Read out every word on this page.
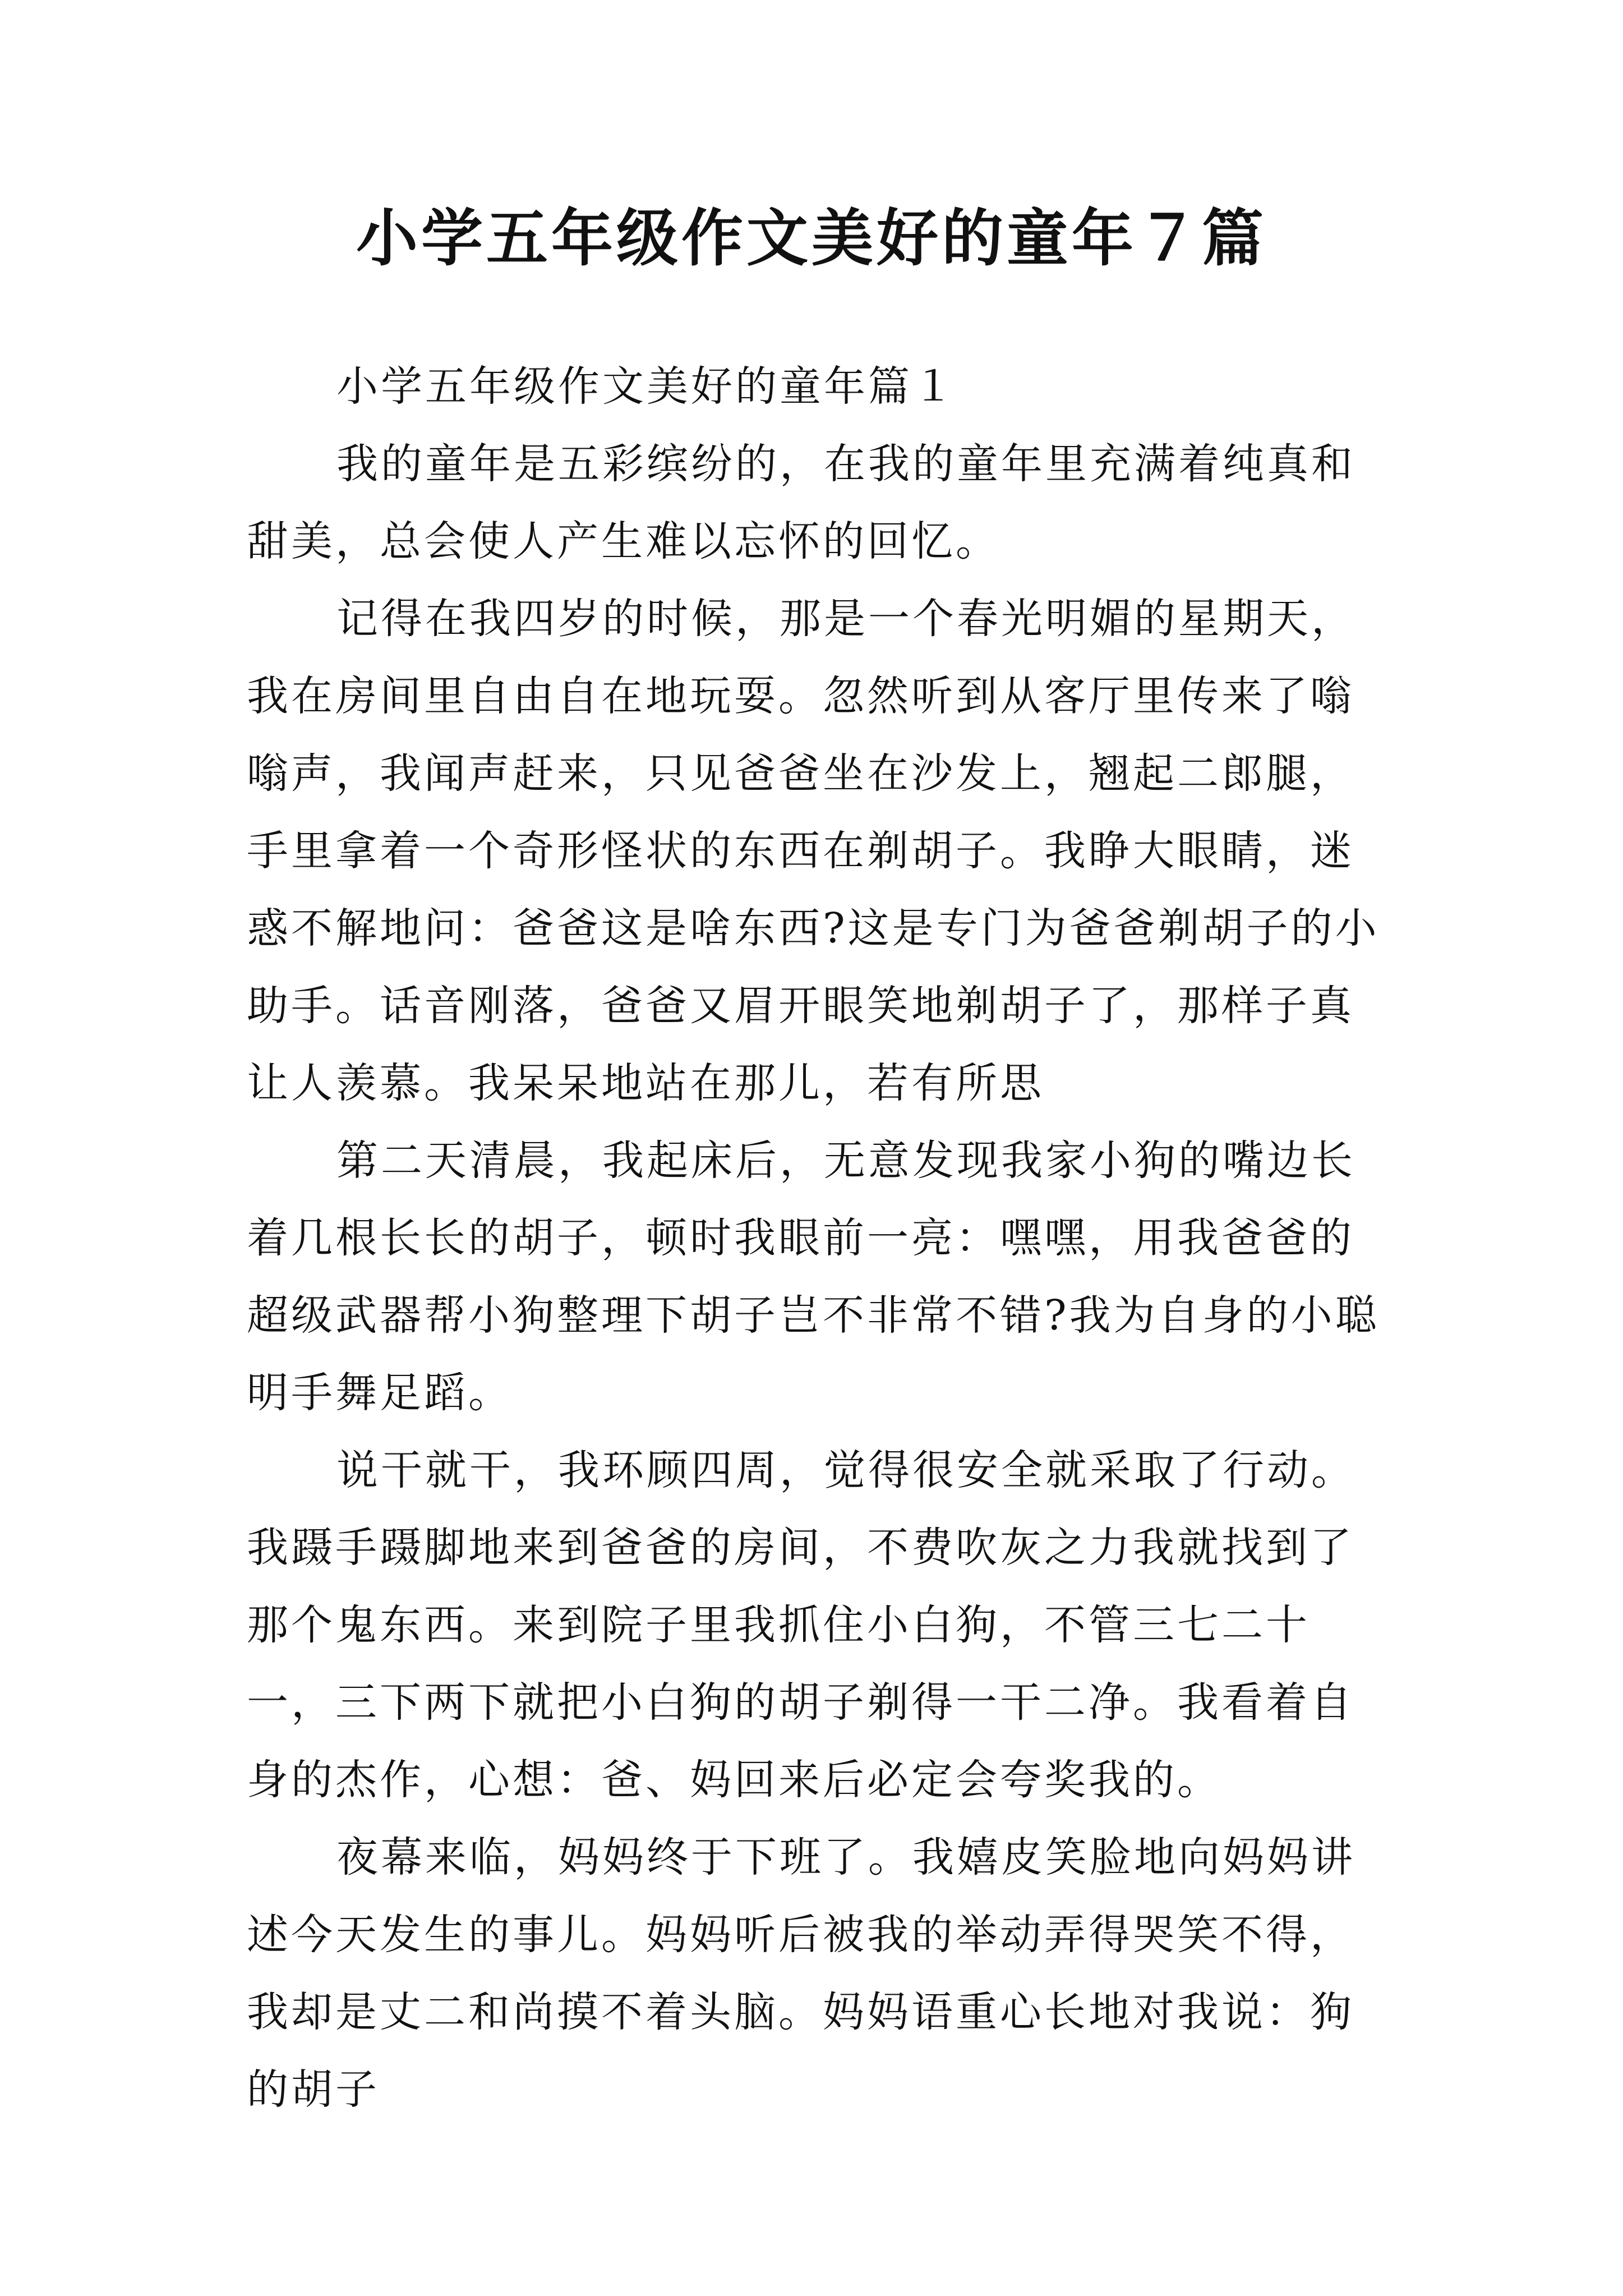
小学五年级作文美好的童年７篇

小学五年级作文美好的童年篇１

我的童年是五彩缤纷的，在我的童年里充满着纯真和甜美，总会使人产生难以忘怀的回忆。

记得在我四岁的时候，那是一个春光明媚的星期天，我在房间里自由自在地玩耍。忽然听到从客厅里传来了嗡嗡声，我闻声赶来，只见爸爸坐在沙发上，翘起二郎腿，手里拿着一个奇形怪状的东西在剃胡子。我睁大眼睛，迷惑不解地问：爸爸这是啥东西?这是专门为爸爸剃胡子的小助手。话音刚落，爸爸又眉开眼笑地剃胡子了，那样子真让人羡慕。我呆呆地站在那儿，若有所思

第二天清晨，我起床后，无意发现我家小狗的嘴边长着几根长长的胡子，顿时我眼前一亮：嘿嘿，用我爸爸的超级武器帮小狗整理下胡子岂不非常不错?我为自身的小聪明手舞足蹈。

说干就干，我环顾四周，觉得很安全就采取了行动。我蹑手蹑脚地来到爸爸的房间，不费吹灰之力我就找到了那个鬼东西。来到院子里我抓住小白狗，不管三七二十一，三下两下就把小白狗的胡子剃得一干二净。我看着自身的杰作，心想：爸、妈回来后必定会夸奖我的。

夜幕来临，妈妈终于下班了。我嬉皮笑脸地向妈妈讲述今天发生的事儿。妈妈听后被我的举动弄得哭笑不得，我却是丈二和尚摸不着头脑。妈妈语重心长地对我说：狗的胡子
